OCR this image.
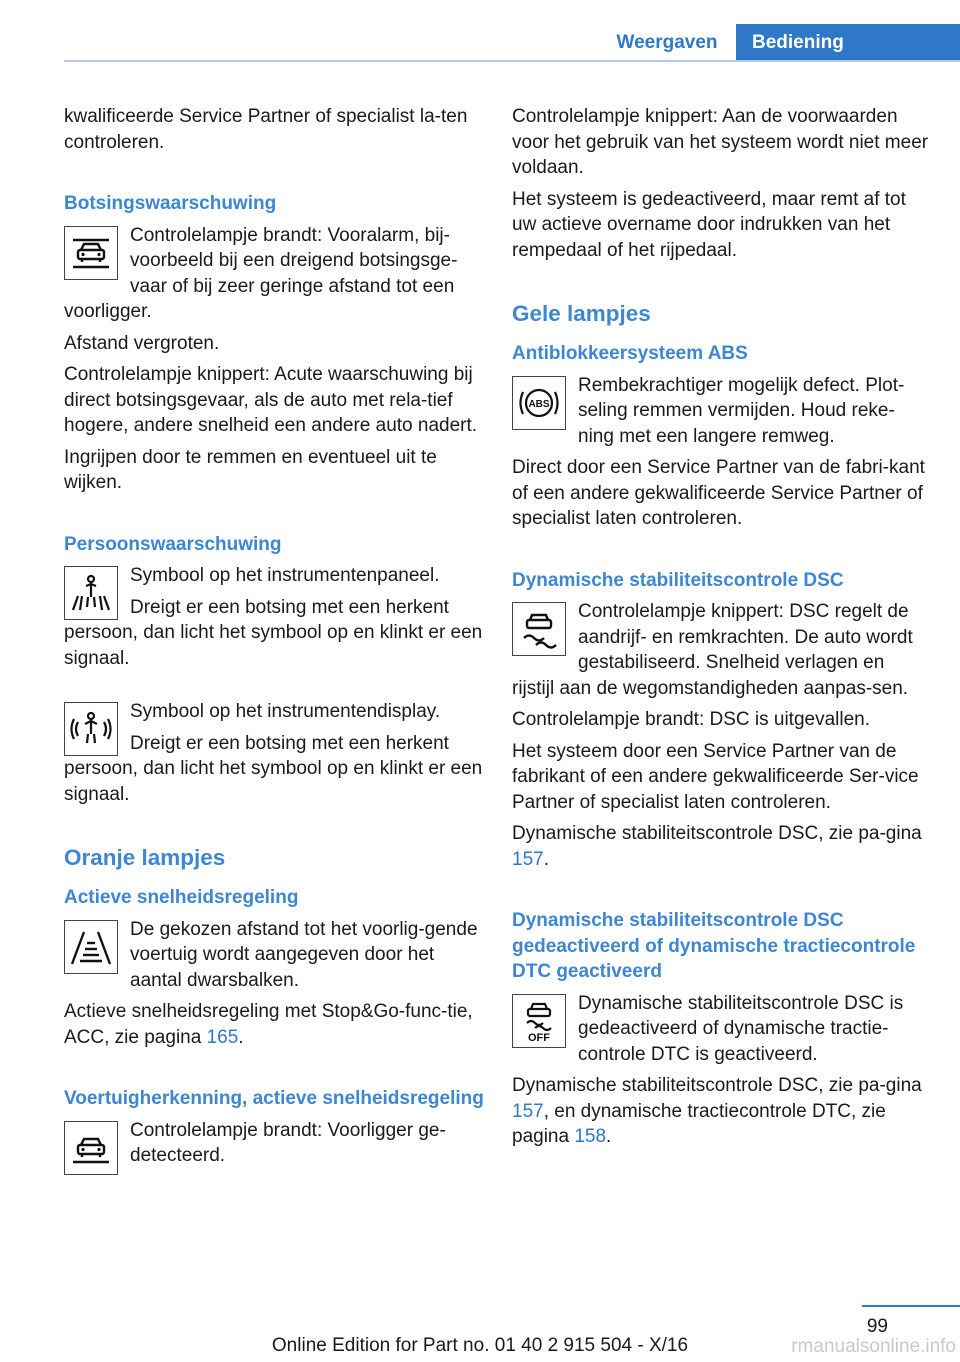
Weergaven	Bediening

kwalificeerde Service Partner of specialist la‐ten controleren.

Botsingswaarschuwing

Controlelampje brandt: Vooralarm, bij‐voorbeeld bij een dreigend botsingsge‐vaar of bij zeer geringe afstand tot een voorligger.

Afstand vergroten.

Controlelampje knippert: Acute waarschuwing bij direct botsingsgevaar, als de auto met rela‐tief hogere, andere snelheid een andere auto nadert.

Ingrijpen door te remmen en eventueel uit te wijken.

Persoonswaarschuwing

Symbool op het instrumentenpaneel.

Dreigt er een botsing met een herkent persoon, dan licht het symbool op en klinkt er een signaal.

Symbool op het instrumentendisplay.

Dreigt er een botsing met een herkent persoon, dan licht het symbool op en klinkt er een signaal.

Oranje lampjes
Actieve snelheidsregeling

De gekozen afstand tot het voorlig‐gende voertuig wordt aangegeven door het aantal dwarsbalken.

Actieve snelheidsregeling met Stop&Go-func‐tie, ACC, zie pagina 165.

Voertuigherkenning, actieve snelheidsregeling

Controlelampje brandt: Voorligger ge‐detecteerd.

Controlelampje knippert: Aan de voorwaarden voor het gebruik van het systeem wordt niet meer voldaan.

Het systeem is gedeactiveerd, maar remt af tot uw actieve overname door indrukken van het rempedaal of het rijpedaal.

Gele lampjes
Antiblokkeersysteem ABS
ABS

Rembekrachtiger mogelijk defect. Plot‐seling remmen vermijden. Houd reke‐ning met een langere remweg.

Direct door een Service Partner van de fabri‐kant of een andere gekwalificeerde Service Partner of specialist laten controleren.

Dynamische stabiliteitscontrole DSC

Controlelampje knippert: DSC regelt de aandrijf- en remkrachten. De auto wordt gestabiliseerd. Snelheid verlagen en rijstijl aan de wegomstandigheden aanpas‐sen.

Controlelampje brandt: DSC is uitgevallen.

Het systeem door een Service Partner van de fabrikant of een andere gekwalificeerde Ser‐vice Partner of specialist laten controleren.

Dynamische stabiliteitscontrole DSC, zie pa‐gina 157.

Dynamische stabiliteitscontrole DSC gedeactiveerd of dynamische tractiecontrole DTC geactiveerd
OFF

Dynamische stabiliteitscontrole DSC is gedeactiveerd of dynamische tractie‐controle DTC is geactiveerd.

Dynamische stabiliteitscontrole DSC, zie pa‐gina 157, en dynamische tractiecontrole DTC, zie pagina 158.

99
Online Edition for Part no. 01 40 2 915 504 - X/16	rmanualsonline.info
